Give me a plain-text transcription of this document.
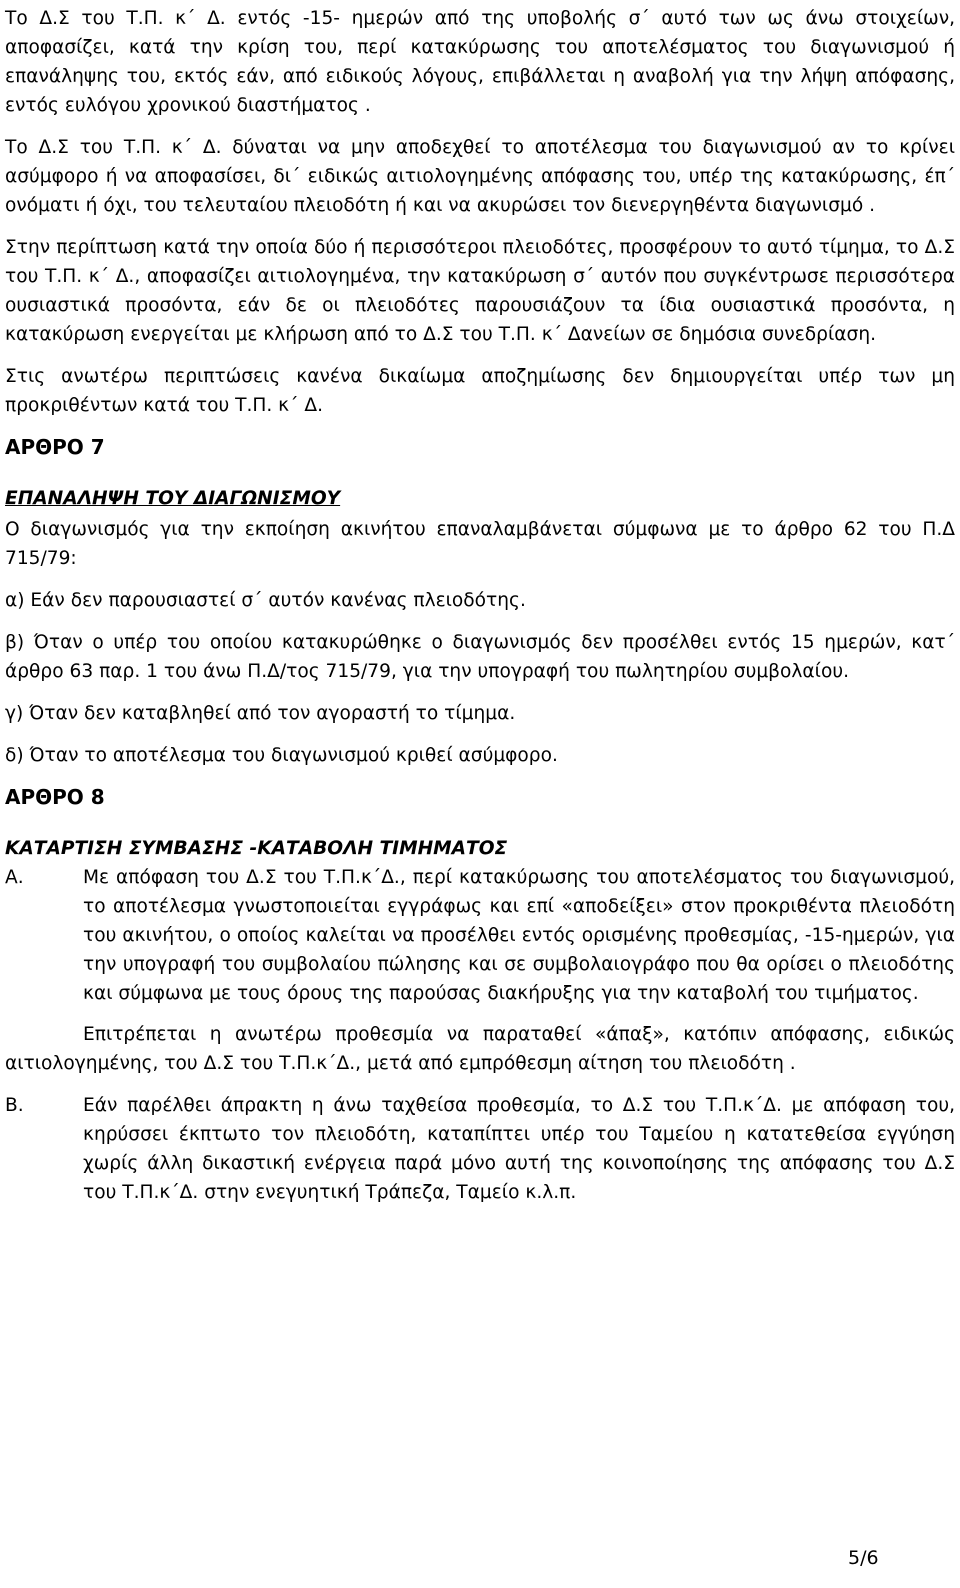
Το Δ.Σ του Τ.Π. κ΄ Δ. εντός -15- ημερών από της υποβολής σ΄ αυτό των ως άνω στοιχείων, αποφασίζει, κατά την κρίση του, περί κατακύρωσης του αποτελέσματος του διαγωνισμού ή επανάληψης του, εκτός εάν, από ειδικούς λόγους, επιβάλλεται η αναβολή για την λήψη απόφασης, εντός ευλόγου χρονικού διαστήματος .

Το Δ.Σ του Τ.Π. κ΄ Δ. δύναται να μην αποδεχθεί το αποτέλεσμα του διαγωνισμού αν το κρίνει ασύμφορο ή να αποφασίσει, δι΄ ειδικώς αιτιολογημένης απόφασης του, υπέρ της κατακύρωσης, έπ΄ ονόματι ή όχι, του τελευταίου πλειοδότη ή και να ακυρώσει τον διενεργηθέντα διαγωνισμό .

Στην περίπτωση κατά την οποία δύο ή περισσότεροι πλειοδότες, προσφέρουν το αυτό τίμημα, το Δ.Σ του Τ.Π. κ΄ Δ., αποφασίζει αιτιολογημένα, την κατακύρωση σ΄ αυτόν που συγκέντρωσε περισσότερα ουσιαστικά προσόντα, εάν δε οι πλειοδότες παρουσιάζουν τα ίδια ουσιαστικά προσόντα, η κατακύρωση ενεργείται με κλήρωση από το Δ.Σ του Τ.Π. κ΄ Δανείων σε δημόσια συνεδρίαση.

Στις ανωτέρω περιπτώσεις κανένα δικαίωμα αποζημίωσης δεν δημιουργείται υπέρ των μη προκριθέντων κατά του Τ.Π. κ΄ Δ.

ΑΡΘΡΟ 7
ΕΠΑΝΑΛΗΨΗ ΤΟΥ ΔΙΑΓΩΝΙΣΜΟΥ

Ο διαγωνισμός για την εκποίηση ακινήτου επαναλαμβάνεται σύμφωνα με το άρθρο 62 του Π.Δ 715/79:

α) Εάν δεν παρουσιαστεί σ΄ αυτόν κανένας πλειοδότης.

β) Όταν ο υπέρ του οποίου κατακυρώθηκε ο διαγωνισμός δεν προσέλθει εντός 15 ημερών, κατ΄ άρθρο 63 παρ. 1 του άνω Π.Δ/τος 715/79, για την υπογραφή του πωλητηρίου συμβολαίου.

γ) Όταν δεν καταβληθεί από τον αγοραστή το τίμημα.

δ) Όταν το αποτέλεσμα του διαγωνισμού κριθεί ασύμφορο.

ΑΡΘΡΟ 8
ΚΑΤΑΡΤΙΣΗ ΣΥΜΒΑΣΗΣ -ΚΑΤΑΒΟΛΗ ΤΙΜΗΜΑΤΟΣ
Α.	Με απόφαση του Δ.Σ του Τ.Π.κ΄Δ., περί κατακύρωσης του αποτελέσματος του διαγωνισμού, το αποτέλεσμα γνωστοποιείται εγγράφως και επί «αποδείξει» στον προκριθέντα πλειοδότη του ακινήτου, ο οποίος καλείται να προσέλθει εντός ορισμένης προθεσμίας, -15-ημερών, για την υπογραφή του συμβολαίου πώλησης και σε συμβολαιογράφο που θα ορίσει ο πλειοδότης και σύμφωνα με τους όρους της παρούσας διακήρυξης για την καταβολή του τιμήματος.

Επιτρέπεται η ανωτέρω προθεσμία να παραταθεί «άπαξ», κατόπιν απόφασης, ειδικώς αιτιολογημένης, του Δ.Σ του Τ.Π.κ΄Δ., μετά από εμπρόθεσμη αίτηση του πλειοδότη .

Β.	Εάν παρέλθει άπρακτη η άνω ταχθείσα προθεσμία, το Δ.Σ του Τ.Π.κ΄Δ. με απόφαση του, κηρύσσει έκπτωτο τον πλειοδότη, καταπίπτει υπέρ του Ταμείου η κατατεθείσα εγγύηση χωρίς άλλη δικαστική ενέργεια παρά μόνο αυτή της κοινοποίησης της απόφασης του Δ.Σ του Τ.Π.κ΄Δ. στην ενεγυητική Τράπεζα, Ταμείο κ.λ.π.
5/6
